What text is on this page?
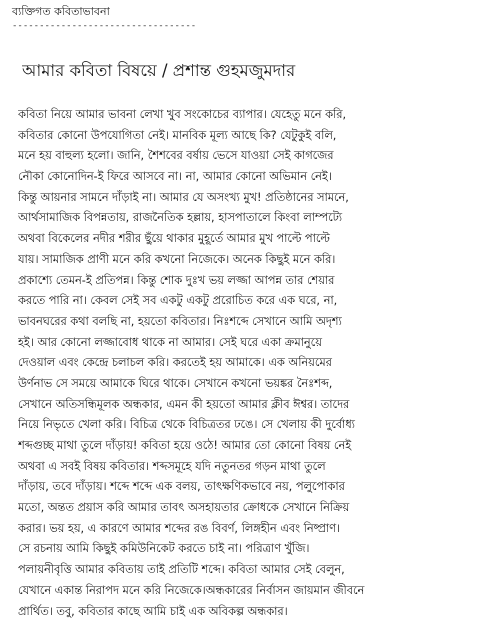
ব্যক্তিগত কবিতাভাবনা
----------------------------------
আমার কবিতা বিষয়ে / প্রশান্ত গুহমজুমদার
কবিতা নিয়ে আমার ভাবনা লেখা খুব সংকোচের ব্যাপার। যেহেতু মনে করি,
কবিতার কোনো উপযোগিতা নেই। মানবিক মূল্য আছে কি? যেটুকুই বলি,
মনে হয় বাহুল্য হলো। জানি, শৈশবের বর্ষায় ভেসে যাওয়া সেই কাগজের
নৌকা কোনোদিন-ই ফিরে আসবে না। না, আমার কোনো অভিমান নেই।
কিন্তু আয়নার সামনে দাঁড়াই না। আমার যে অসংখ্য মুখ! প্রতিষ্ঠানের সামনে,
আর্থসামাজিক বিপন্নতায়, রাজনৈতিক হল্লায়, হাসপাতালে কিংবা লাম্পট্যে
অথবা বিকেলের নদীর শরীর ছুঁয়ে থাকার মুহূর্তে আমার মুখ পাল্টে পাল্টে
যায়। সামাজিক প্রাণী মনে করি কখনো নিজেকে। অনেক কিছুই মনে করি।
প্রকাশ্যে তেমন-ই প্রতিপন্ন। কিন্তু শোক দুঃখ ভয় লজ্জা আপন্ন তার শেয়ার
করতে পারি না। কেবল সেই সব একটু একটু প্ররোচিত করে এক ঘরে, না,
ভাবনঘরের কথা বলছি না, হয়তো কবিতার। নিঃশব্দে সেখানে আমি অদৃশ্য
হই। আর কোনো লজ্জাবোধ থাকে না আমার। সেই ঘরে একা ক্রমানুয়ে
দেওয়াল এবং কেন্দ্রে চলাচল করি। করতেই হয় আমাকে। এক অনিয়মের
উর্ণনাভ সে সময়ে আমাকে ঘিরে থাকে। সেখানে কখনো ভয়ঙ্কর নৈঃশব্দ,
সেখানে অতিসন্ধিমূলক অন্ধকার, এমন কী হয়তো আমার ক্লীব ঈশ্বর। তাদের
নিয়ে নিভৃতে খেলা করি। বিচিত্র থেকে বিচিত্রতর ঢঙে। সে খেলায় কী দুর্বোধ্য
শব্দগুচ্ছ মাথা তুলে দাঁড়ায়! কবিতা হয়ে ওঠে! আমার তো কোনো বিষয় নেই
অথবা এ সবই বিষয় কবিতার। শব্দসমূহে যদি নতুনতর গড়ন মাথা তুলে
দাঁড়ায়, তবে দাঁড়ায়। শব্দে শব্দে এক বলয়, তাৎক্ষণিকভাবে নয়, পলুপোকার
মতো, অন্তত প্রয়াস করি আমার তাবৎ অসহায়তার ক্রোধকে সেখানে নিক্রিয়
করার। ভয় হয়, এ কারণে আমার শব্দের রঙ বিবর্ণ, লিঙ্গহীন এবং নিষ্প্রাণ।
সে রচনায় আমি কিছুই কমিউনিকেট করতে চাই না। পরিত্রাণ খুঁজি।
পলায়নীবৃত্তি আমার কবিতায় তাই প্রতিটি শব্দে। কবিতা আমার সেই বেলুন,
যেখানে একান্ত নিরাপদ মনে করি নিজেকে।অন্ধকারের নির্বাসন জায়মান জীবনে
প্রার্থিত। তবু, কবিতার কাছে আমি চাই এক অবিকল্প অন্ধকার।
